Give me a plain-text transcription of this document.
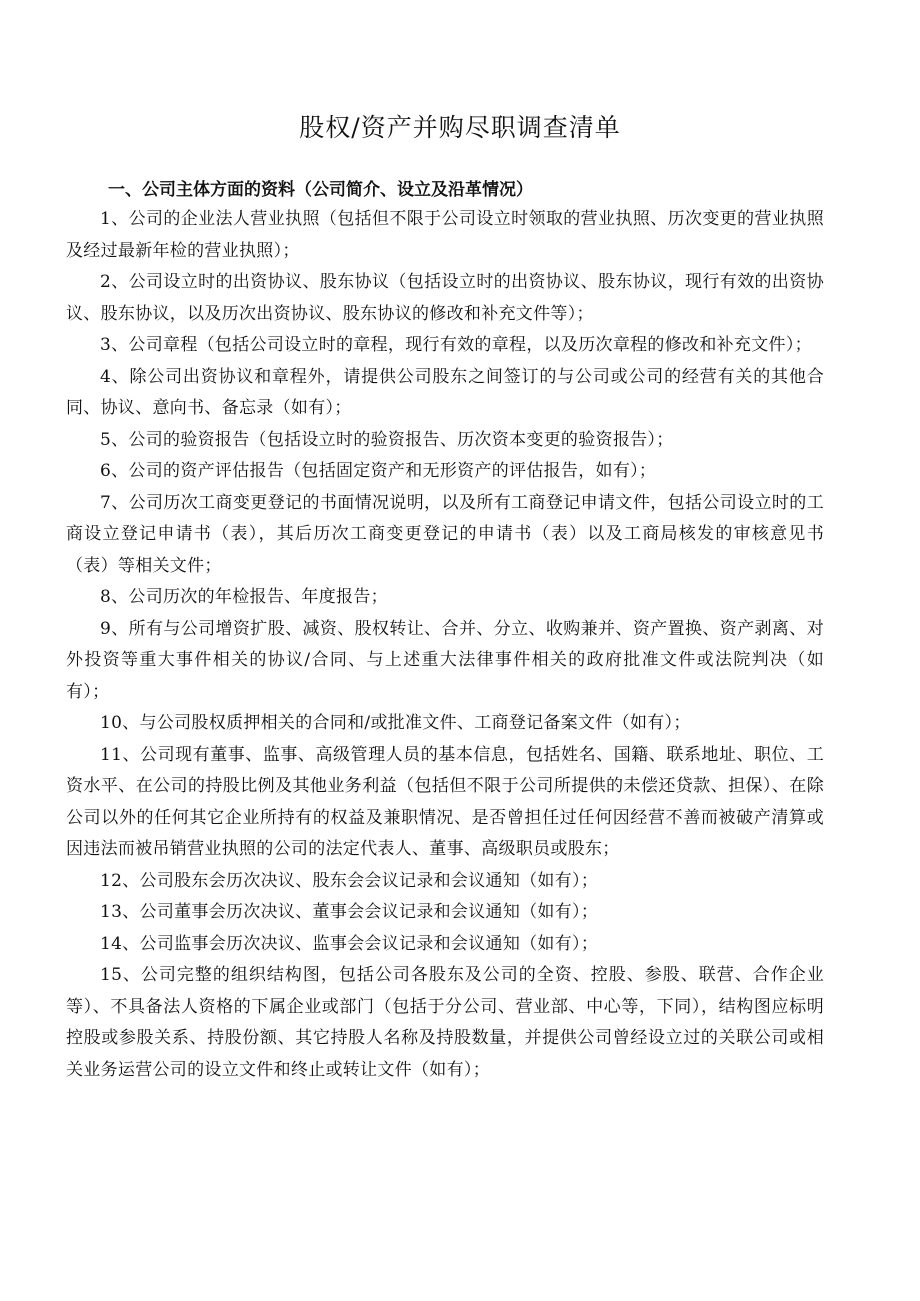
股权/资产并购尽职调查清单
一、公司主体方面的资料（公司简介、设立及沿革情况）

1、公司的企业法人营业执照（包括但不限于公司设立时领取的营业执照、历次变更的营业执照及经过最新年检的营业执照）；

2、公司设立时的出资协议、股东协议（包括设立时的出资协议、股东协议，现行有效的出资协议、股东协议，以及历次出资协议、股东协议的修改和补充文件等）；

3、公司章程（包括公司设立时的章程，现行有效的章程，以及历次章程的修改和补充文件）；

4、除公司出资协议和章程外，请提供公司股东之间签订的与公司或公司的经营有关的其他合同、协议、意向书、备忘录（如有）；

5、公司的验资报告（包括设立时的验资报告、历次资本变更的验资报告）；

6、公司的资产评估报告（包括固定资产和无形资产的评估报告，如有）；

7、公司历次工商变更登记的书面情况说明，以及所有工商登记申请文件，包括公司设立时的工商设立登记申请书（表），其后历次工商变更登记的申请书（表）以及工商局核发的审核意见书（表）等相关文件；

8、公司历次的年检报告、年度报告；

9、所有与公司增资扩股、减资、股权转让、合并、分立、收购兼并、资产置换、资产剥离、对外投资等重大事件相关的协议/合同、与上述重大法律事件相关的政府批准文件或法院判决（如有）；

10、与公司股权质押相关的合同和/或批准文件、工商登记备案文件（如有）；

11、公司现有董事、监事、高级管理人员的基本信息，包括姓名、国籍、联系地址、职位、工资水平、在公司的持股比例及其他业务利益（包括但不限于公司所提供的未偿还贷款、担保）、在除公司以外的任何其它企业所持有的权益及兼职情况、是否曾担任过任何因经营不善而被破产清算或因违法而被吊销营业执照的公司的法定代表人、董事、高级职员或股东；

12、公司股东会历次决议、股东会会议记录和会议通知（如有）；

13、公司董事会历次决议、董事会会议记录和会议通知（如有）；

14、公司监事会历次决议、监事会会议记录和会议通知（如有）；

15、公司完整的组织结构图，包括公司各股东及公司的全资、控股、参股、联营、合作企业等）、不具备法人资格的下属企业或部门（包括于分公司、营业部、中心等，下同），结构图应标明控股或参股关系、持股份额、其它持股人名称及持股数量，并提供公司曾经设立过的关联公司或相关业务运营公司的设立文件和终止或转让文件（如有）；
